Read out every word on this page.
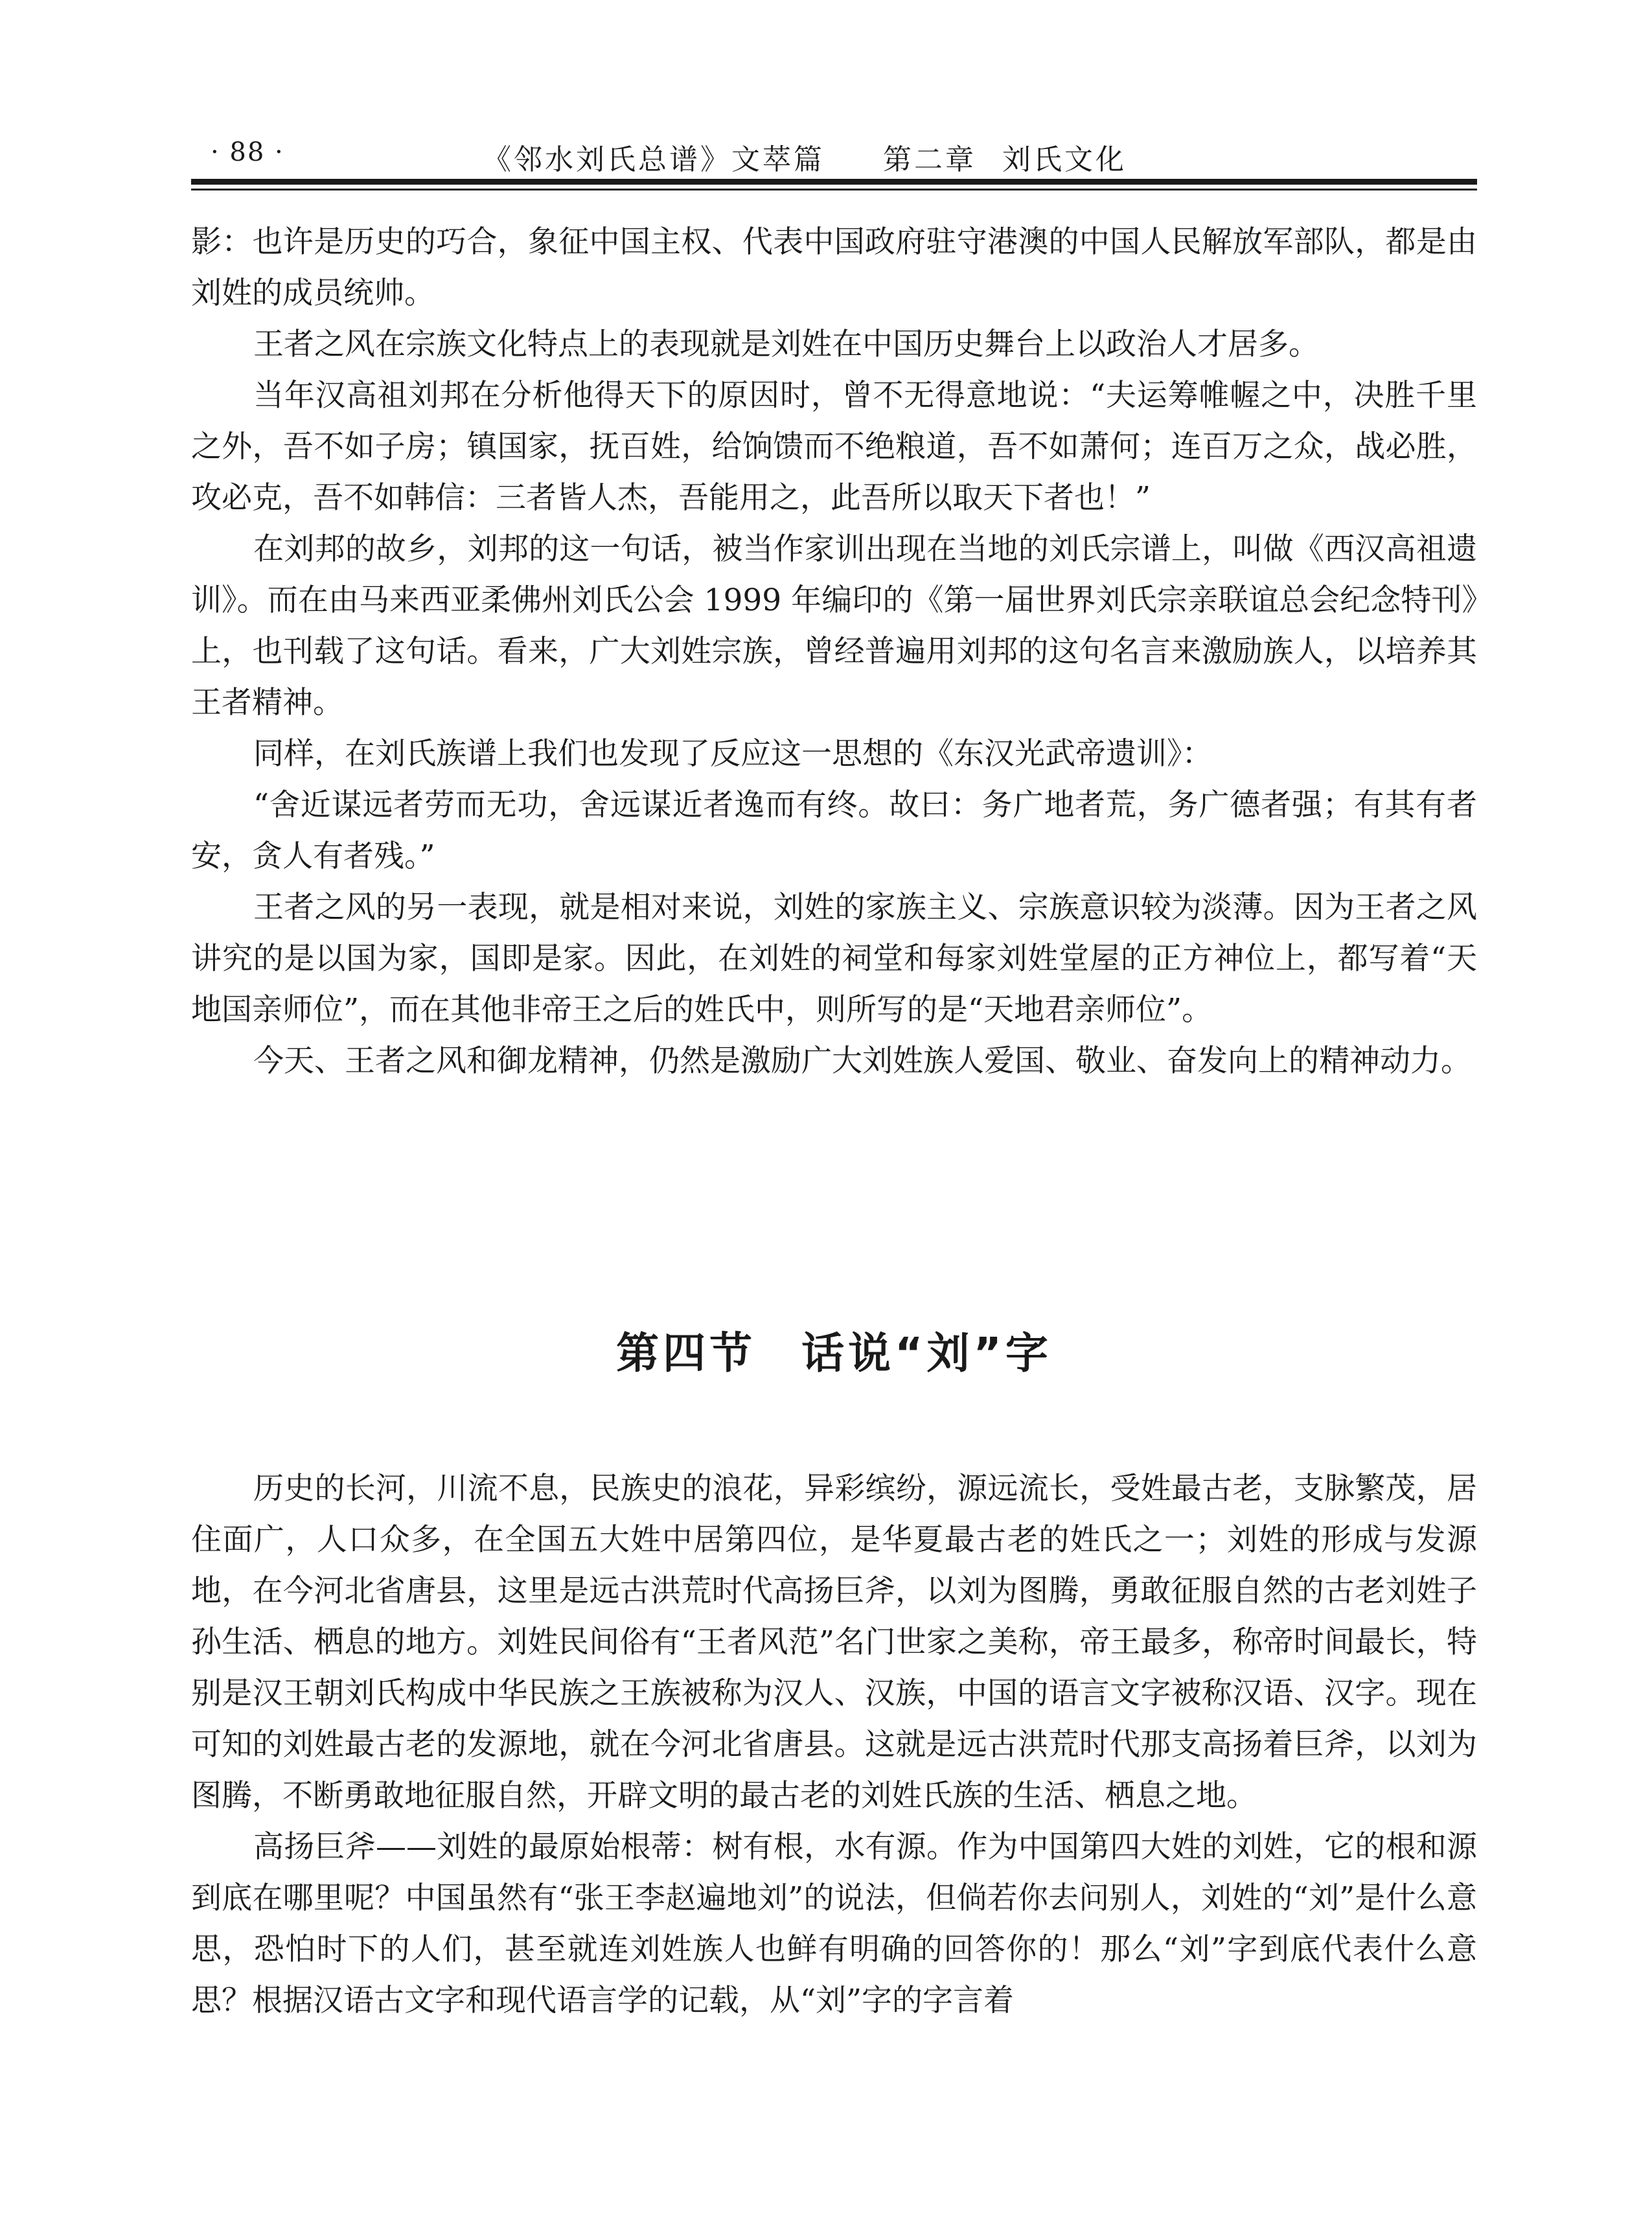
· 88 ·	《邻水刘氏总谱》文萃篇 第二章 刘氏文化

影：也许是历史的巧合，象征中国主权、代表中国政府驻守港澳的中国人民解放军部队，都是由刘姓的成员统帅。

王者之风在宗族文化特点上的表现就是刘姓在中国历史舞台上以政治人才居多。

当年汉高祖刘邦在分析他得天下的原因时，曾不无得意地说：“夫运筹帷幄之中，决胜千里之外，吾不如子房；镇国家，抚百姓，给饷馈而不绝粮道，吾不如萧何；连百万之众，战必胜，攻必克，吾不如韩信：三者皆人杰，吾能用之，此吾所以取天下者也！”

在刘邦的故乡，刘邦的这一句话，被当作家训出现在当地的刘氏宗谱上，叫做《西汉高祖遗训》。而在由马来西亚柔佛州刘氏公会 1999 年编印的《第一届世界刘氏宗亲联谊总会纪念特刊》上，也刊载了这句话。看来，广大刘姓宗族，曾经普遍用刘邦的这句名言来激励族人，以培养其王者精神。

同样，在刘氏族谱上我们也发现了反应这一思想的《东汉光武帝遗训》：

“舍近谋远者劳而无功，舍远谋近者逸而有终。故曰：务广地者荒，务广德者强；有其有者安，贪人有者残。”

王者之风的另一表现，就是相对来说，刘姓的家族主义、宗族意识较为淡薄。因为王者之风讲究的是以国为家，国即是家。因此，在刘姓的祠堂和每家刘姓堂屋的正方神位上，都写着“天地国亲师位”，而在其他非帝王之后的姓氏中，则所写的是“天地君亲师位”。

今天、王者之风和御龙精神，仍然是激励广大刘姓族人爱国、敬业、奋发向上的精神动力。

第四节 话说“刘”字

历史的长河，川流不息，民族史的浪花，异彩缤纷，源远流长，受姓最古老，支脉繁茂，居住面广，人口众多，在全国五大姓中居第四位，是华夏最古老的姓氏之一；刘姓的形成与发源地，在今河北省唐县，这里是远古洪荒时代高扬巨斧，以刘为图腾，勇敢征服自然的古老刘姓子孙生活、栖息的地方。刘姓民间俗有“王者风范”名门世家之美称，帝王最多，称帝时间最长，特别是汉王朝刘氏构成中华民族之王族被称为汉人、汉族，中国的语言文字被称汉语、汉字。现在可知的刘姓最古老的发源地，就在今河北省唐县。这就是远古洪荒时代那支高扬着巨斧，以刘为图腾，不断勇敢地征服自然，开辟文明的最古老的刘姓氏族的生活、栖息之地。

高扬巨斧——刘姓的最原始根蒂：树有根，水有源。作为中国第四大姓的刘姓，它的根和源到底在哪里呢？中国虽然有“张王李赵遍地刘”的说法，但倘若你去问别人，刘姓的“刘”是什么意思，恐怕时下的人们，甚至就连刘姓族人也鲜有明确的回答你的！那么“刘”字到底代表什么意思？根据汉语古文字和现代语言学的记载，从“刘”字的字言着
